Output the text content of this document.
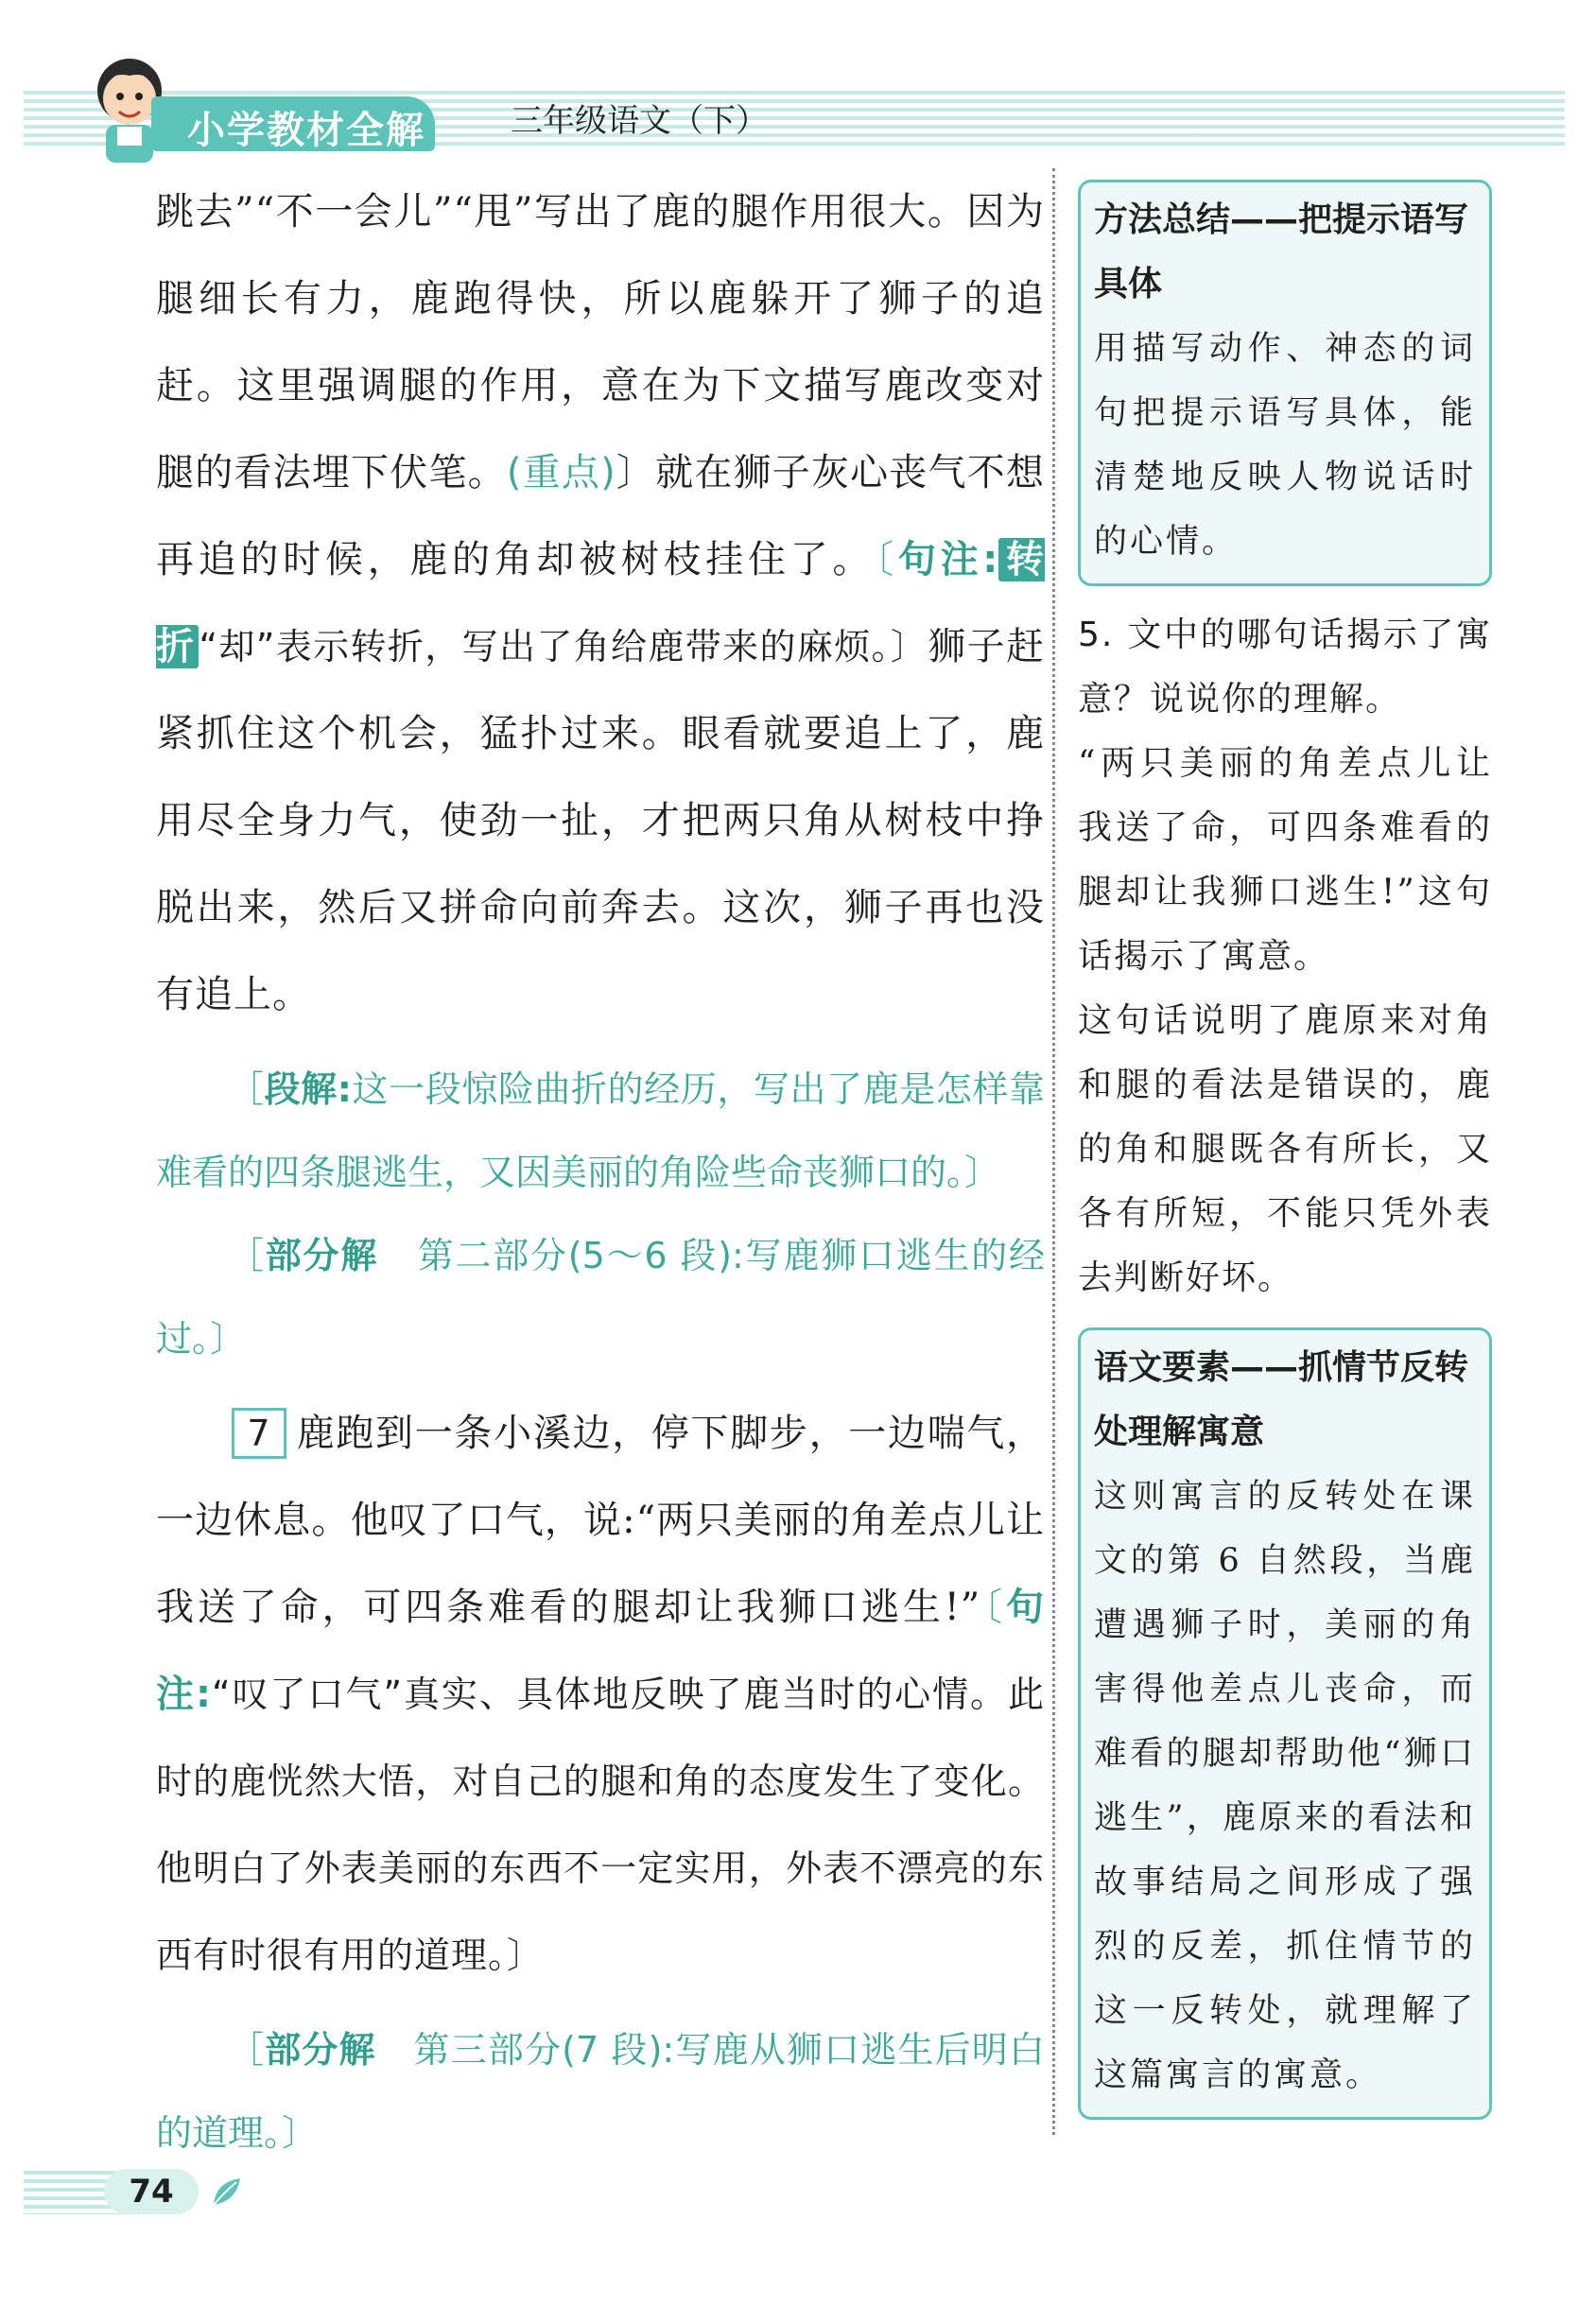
小学教材全解	三年级语文（下）

跳去”“不一会儿”“甩”写出了鹿的腿作用很大。因为腿细长有力，鹿跑得快，所以鹿躲开了狮子的追赶。这里强调腿的作用，意在为下文描写鹿改变对腿的看法埋下伏笔。(重点)〕就在狮子灰心丧气不想再追的时候，鹿的角却被树枝挂住了。〔句注: 转折 “却”表示转折，写出了角给鹿带来的麻烦。〕狮子赶紧抓住这个机会，猛扑过来。眼看就要追上了，鹿用尽全身力气，使劲一扯，才把两只角从树枝中挣脱出来，然后又拼命向前奔去。这次，狮子再也没有追上。

［段解:这一段惊险曲折的经历，写出了鹿是怎样靠难看的四条腿逃生，又因美丽的角险些命丧狮口的。〕

［部分解 第二部分(5～6 段):写鹿狮口逃生的经过。〕

7 鹿跑到一条小溪边，停下脚步，一边喘气，一边休息。他叹了口气，说:“两只美丽的角差点儿让我送了命，可四条难看的腿却让我狮口逃生!”〔句注:“叹了口气”真实、具体地反映了鹿当时的心情。此时的鹿恍然大悟，对自己的腿和角的态度发生了变化。他明白了外表美丽的东西不一定实用，外表不漂亮的东西有时很有用的道理。〕

［部分解 第三部分(7 段):写鹿从狮口逃生后明白的道理。〕

方法总结——把提示语写具体

用描写动作、神态的词句把提示语写具体，能清楚地反映人物说话时的心情。

5. 文中的哪句话揭示了寓意？说说你的理解。

“两只美丽的角差点儿让我送了命，可四条难看的腿却让我狮口逃生!”这句话揭示了寓意。

这句话说明了鹿原来对角和腿的看法是错误的，鹿的角和腿既各有所长，又各有所短，不能只凭外表去判断好坏。

语文要素——抓情节反转处理解寓意

这则寓言的反转处在课文的第 6 自然段，当鹿遭遇狮子时，美丽的角害得他差点儿丧命，而难看的腿却帮助他“狮口逃生”，鹿原来的看法和故事结局之间形成了强烈的反差，抓住情节的这一反转处，就理解了这篇寓言的寓意。

74
